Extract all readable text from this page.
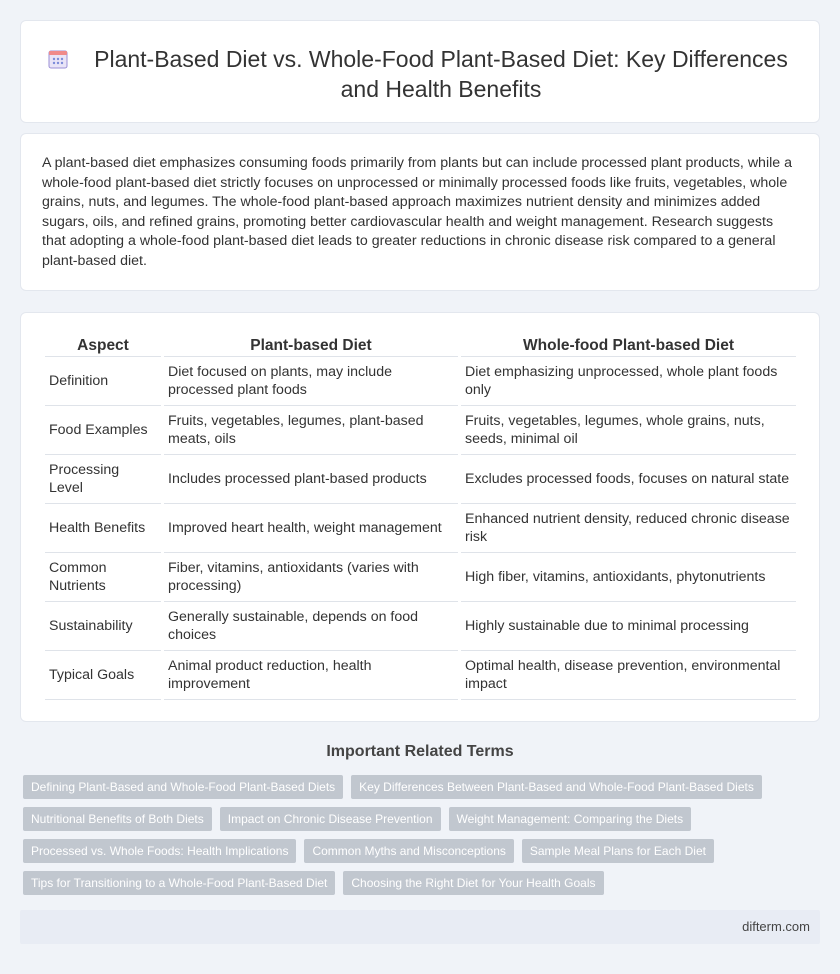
Plant-Based Diet vs. Whole-Food Plant-Based Diet: Key Differences and Health Benefits

A plant-based diet emphasizes consuming foods primarily from plants but can include processed plant products, while a whole-food plant-based diet strictly focuses on unprocessed or minimally processed foods like fruits, vegetables, whole grains, nuts, and legumes. The whole-food plant-based approach maximizes nutrient density and minimizes added sugars, oils, and refined grains, promoting better cardiovascular health and weight management. Research suggests that adopting a whole-food plant-based diet leads to greater reductions in chronic disease risk compared to a general plant-based diet.

Aspect	Plant-based Diet	Whole-food Plant-based Diet
Definition	Diet focused on plants, may include processed plant foods	Diet emphasizing unprocessed, whole plant foods only
Food Examples	Fruits, vegetables, legumes, plant-based meats, oils	Fruits, vegetables, legumes, whole grains, nuts, seeds, minimal oil
Processing Level	Includes processed plant-based products	Excludes processed foods, focuses on natural state
Health Benefits	Improved heart health, weight management	Enhanced nutrient density, reduced chronic disease risk
Common Nutrients	Fiber, vitamins, antioxidants (varies with processing)	High fiber, vitamins, antioxidants, phytonutrients
Sustainability	Generally sustainable, depends on food choices	Highly sustainable due to minimal processing
Typical Goals	Animal product reduction, health improvement	Optimal health, disease prevention, environmental impact
Important Related Terms
Defining Plant-Based and Whole-Food Plant-Based Diets	Key Differences Between Plant-Based and Whole-Food Plant-Based Diets
Nutritional Benefits of Both Diets	Impact on Chronic Disease Prevention	Weight Management: Comparing the Diets
Processed vs. Whole Foods: Health Implications	Common Myths and Misconceptions	Sample Meal Plans for Each Diet
Tips for Transitioning to a Whole-Food Plant-Based Diet	Choosing the Right Diet for Your Health Goals
difterm.com
